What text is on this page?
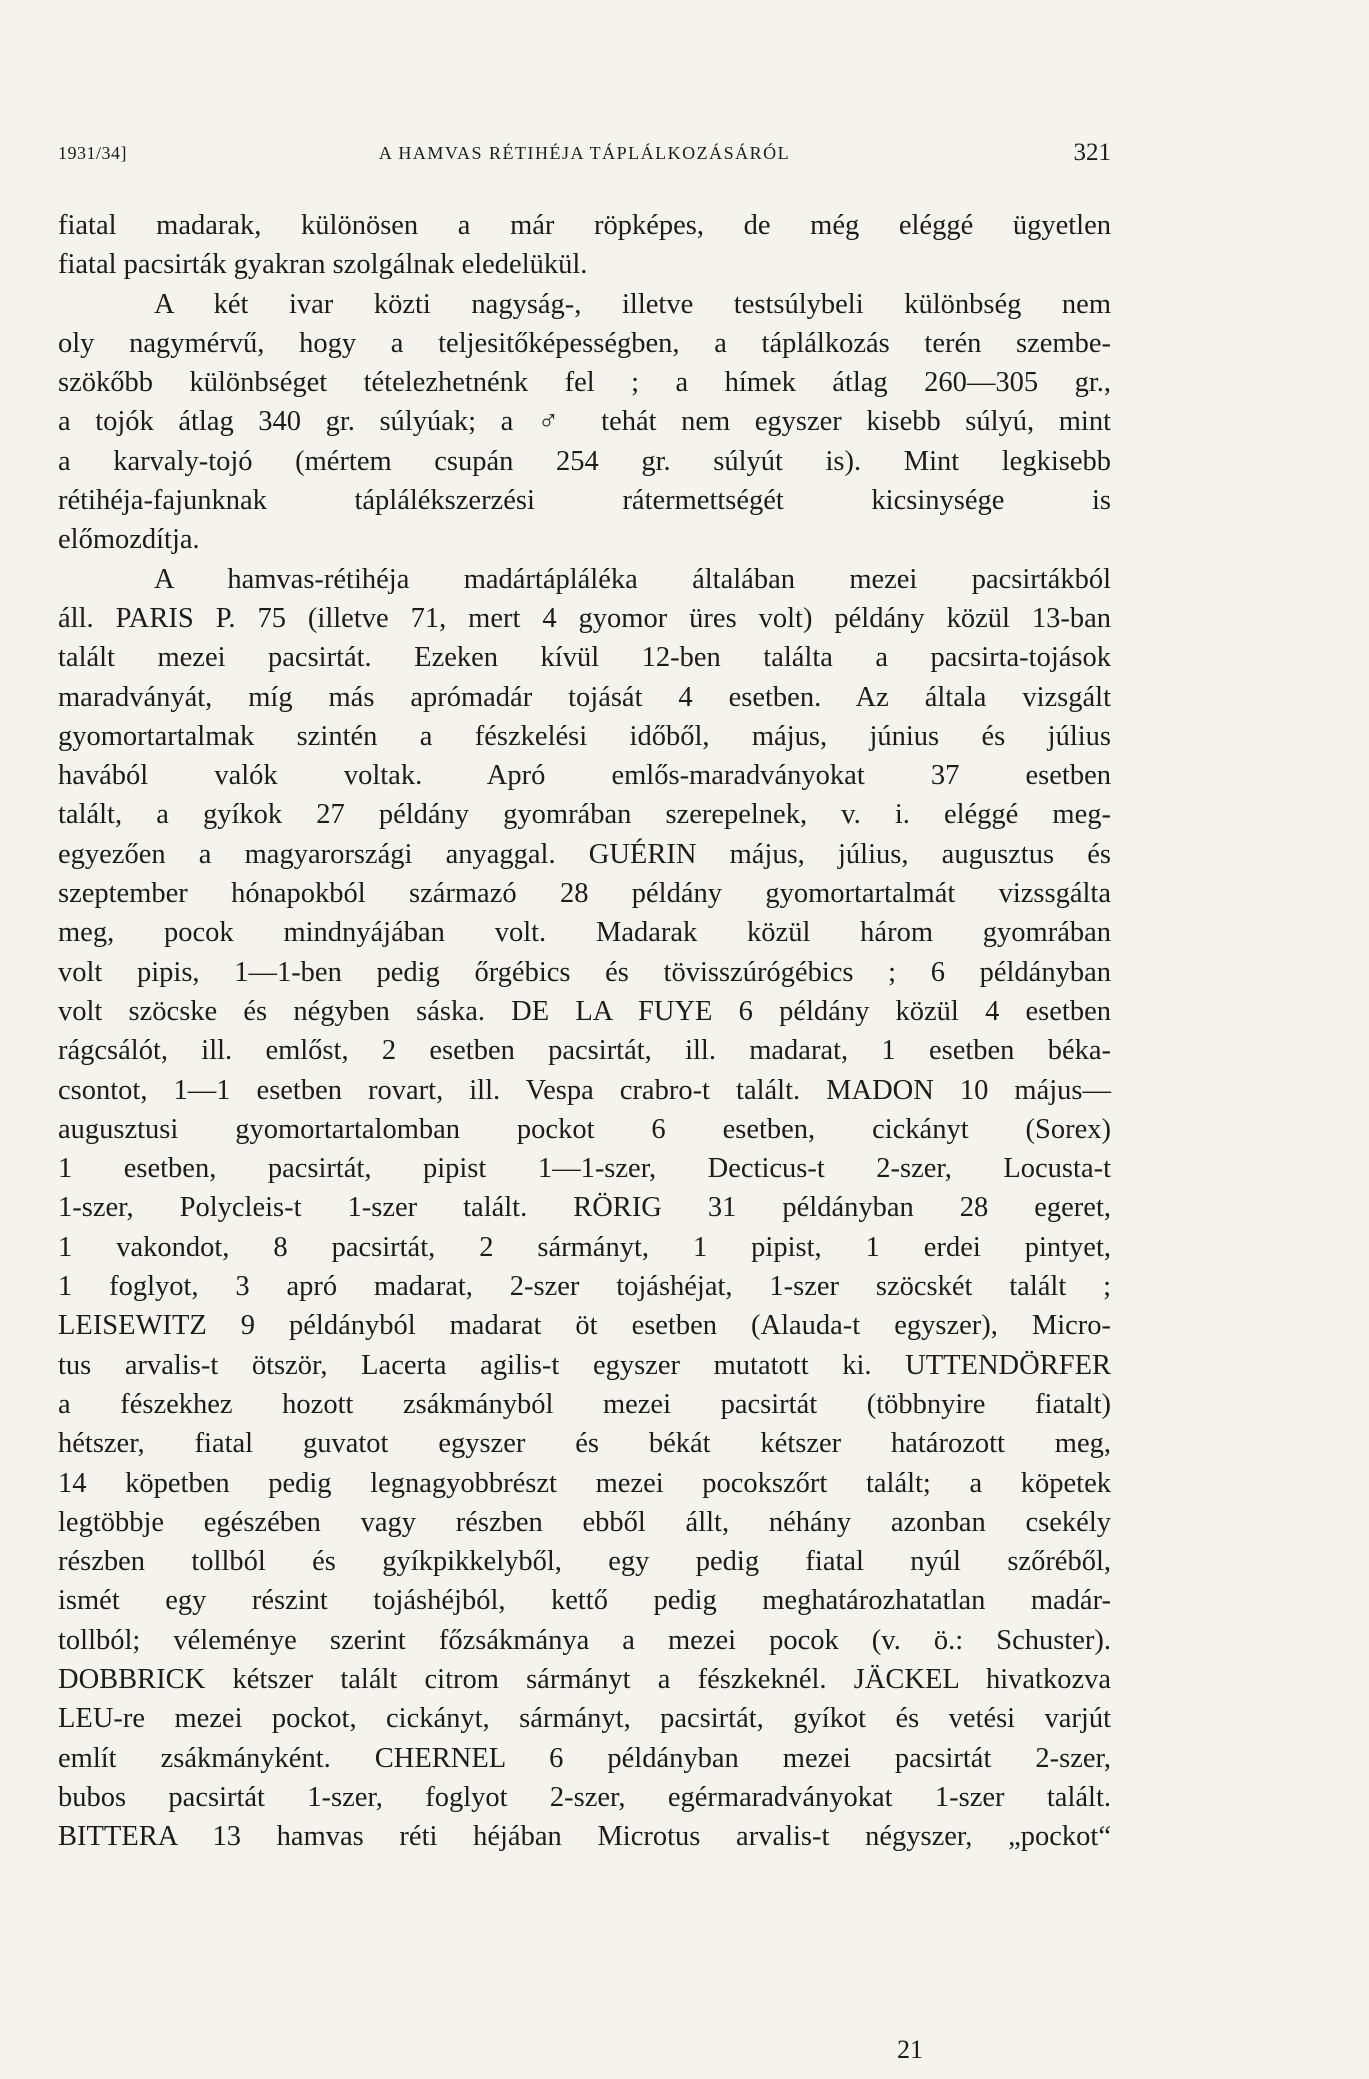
1931/34]	A HAMVAS RÉTIHÉJA TÁPLÁLKOZÁSÁRÓL	321
fiatal madarak, különösen a már röpképes, de még eléggé ügyetlen
fiatal pacsirták gyakran szolgálnak eledelükül.
A két ivar közti nagyság-, illetve testsúlybeli különbség nem
oly nagymérvű, hogy a teljesitőképességben, a táplálkozás terén szembe-
szökőbb különbséget tételezhetnénk fel ; a hímek átlag 260—305 gr.,
a tojók átlag 340 gr. súlyúak; a ♂ tehát nem egyszer kisebb súlyú, mint
a karvaly-tojó (mértem csupán 254 gr. súlyút is). Mint legkisebb
rétihéja-fajunknak táplálékszerzési rátermettségét kicsinysége is
előmozdítja.
A hamvas-rétihéja madártápláléka általában mezei pacsirtákból
áll. PARIS P. 75 (illetve 71, mert 4 gyomor üres volt) példány közül 13-ban
talált mezei pacsirtát. Ezeken kívül 12-ben találta a pacsirta-tojások
maradványát, míg más aprómadár tojását 4 esetben. Az általa vizsgált
gyomortartalmak szintén a fészkelési időből, május, június és július
havából valók voltak. Apró emlős-maradványokat 37 esetben
talált, a gyíkok 27 példány gyomrában szerepelnek, v. i. eléggé meg-
egyezően a magyarországi anyaggal. GUÉRIN május, július, augusztus és
szeptember hónapokból származó 28 példány gyomortartalmát vizssgálta
meg, pocok mindnyájában volt. Madarak közül három gyomrában
volt pipis, 1—1-ben pedig őrgébics és tövisszúrógébics ; 6 példányban
volt szöcske és négyben sáska. DE LA FUYE 6 példány közül 4 esetben
rágcsálót, ill. emlőst, 2 esetben pacsirtát, ill. madarat, 1 esetben béka-
csontot, 1—1 esetben rovart, ill. Vespa crabro-t talált. MADON 10 május—
augusztusi gyomortartalomban pockot 6 esetben, cickányt (Sorex)
1 esetben, pacsirtát, pipist 1—1-szer, Decticus-t 2-szer, Locusta-t
1-szer, Polycleis-t 1-szer talált. RÖRIG 31 példányban 28 egeret,
1 vakondot, 8 pacsirtát, 2 sármányt, 1 pipist, 1 erdei pintyet,
1 foglyot, 3 apró madarat, 2-szer tojáshéjat, 1-szer szöcskét talált ;
LEISEWITZ 9 példányból madarat öt esetben (Alauda-t egyszer), Micro-
tus arvalis-t ötször, Lacerta agilis-t egyszer mutatott ki. UTTENDÖRFER
a fészekhez hozott zsákmányból mezei pacsirtát (többnyire fiatalt)
hétszer, fiatal guvatot egyszer és békát kétszer határozott meg,
14 köpetben pedig legnagyobbrészt mezei pocokszőrt talált; a köpetek
legtöbbje egészében vagy részben ebből állt, néhány azonban csekély
részben tollból és gyíkpikkelyből, egy pedig fiatal nyúl szőréből,
ismét egy részint tojáshéjból, kettő pedig meghatározhatatlan madár-
tollból; véleménye szerint főzsákmánya a mezei pocok (v. ö.: Schuster).
DOBBRICK kétszer talált citrom sármányt a fészkeknél. JÄCKEL hivatkozva
LEU-re mezei pockot, cickányt, sármányt, pacsirtát, gyíkot és vetési varjút
említ zsákmányként. CHERNEL 6 példányban mezei pacsirtát 2-szer,
bubos pacsirtát 1-szer, foglyot 2-szer, egérmaradványokat 1-szer talált.
BITTERA 13 hamvas réti héjában Microtus arvalis-t négyszer, „pockot“
21
